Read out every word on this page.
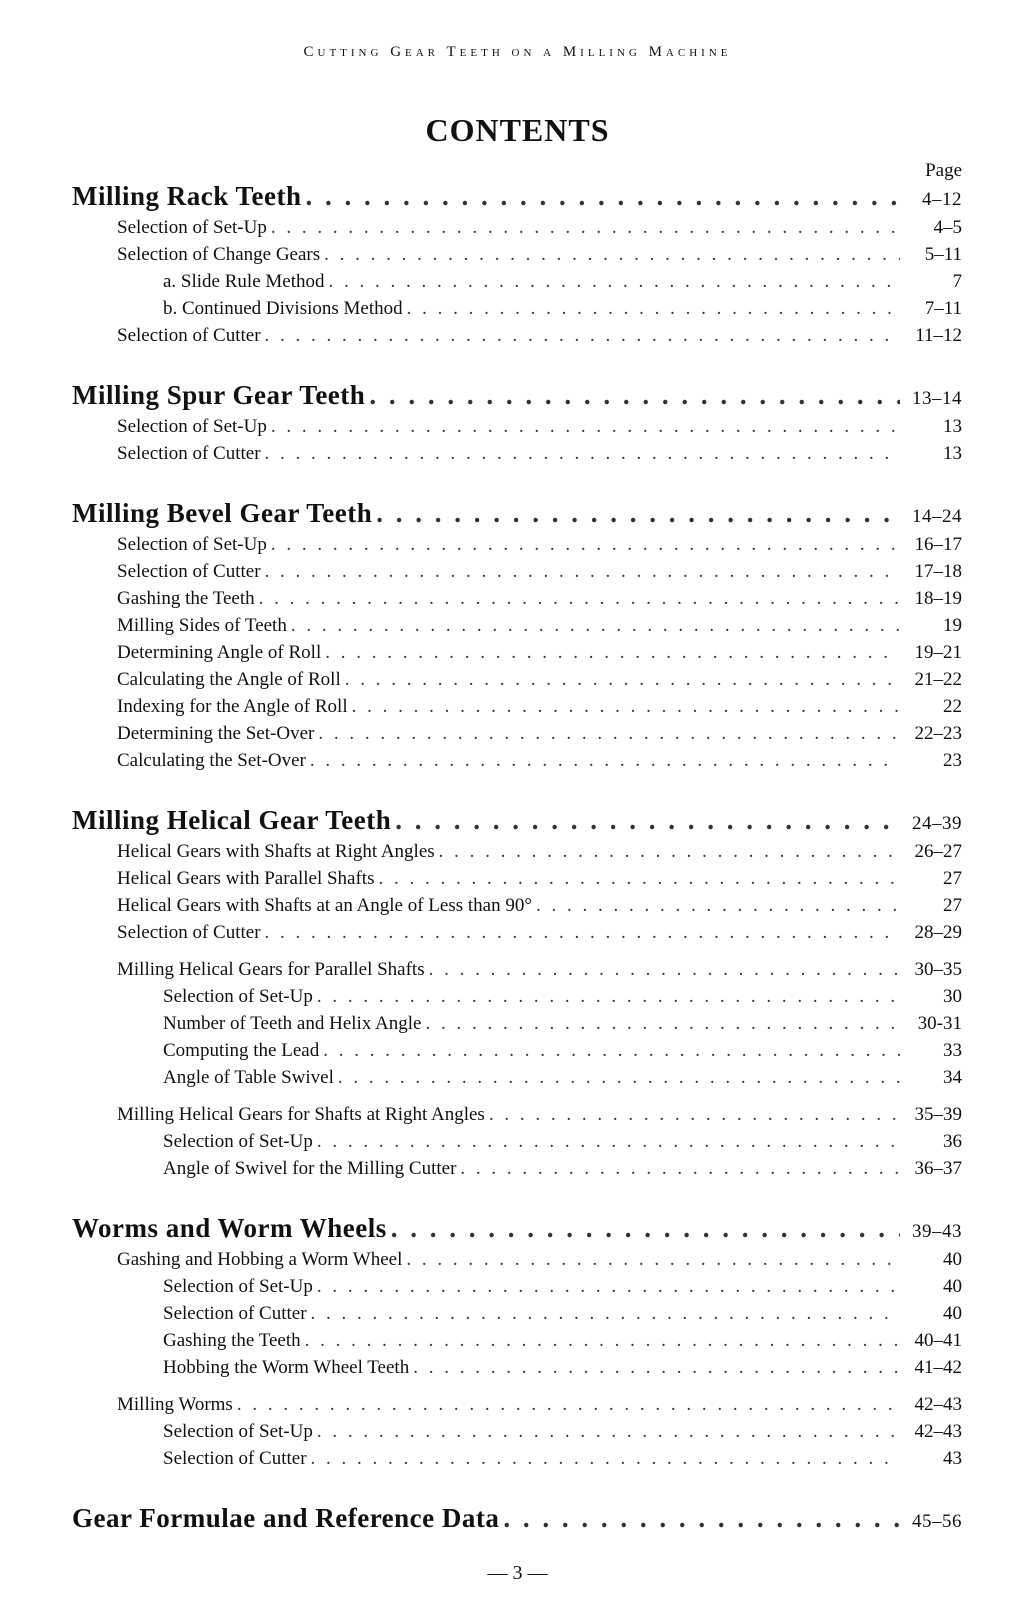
Cutting Gear Teeth on a Milling Machine
CONTENTS
Page
Milling Rack Teeth . . .	4–12
Selection of Set-Up . . .	4–5
Selection of Change Gears . . .	5–11
a. Slide Rule Method . . .	7
b. Continued Divisions Method . . .	7–11
Selection of Cutter . . .	11–12
Milling Spur Gear Teeth . . .	13–14
Selection of Set-Up . . .	13
Selection of Cutter . . .	13
Milling Bevel Gear Teeth . . .	14–24
Selection of Set-Up . . .	16–17
Selection of Cutter . . .	17–18
Gashing the Teeth . . .	18–19
Milling Sides of Teeth . . .	19
Determining Angle of Roll . . .	19–21
Calculating the Angle of Roll . . .	21–22
Indexing for the Angle of Roll . . .	22
Determining the Set-Over . . .	22–23
Calculating the Set-Over . . .	23
Milling Helical Gear Teeth . . .	24–39
Helical Gears with Shafts at Right Angles . . .	26–27
Helical Gears with Parallel Shafts . . .	27
Helical Gears with Shafts at an Angle of Less than 90° . . .	27
Selection of Cutter . . .	28–29
Milling Helical Gears for Parallel Shafts . . .	30–35
Selection of Set-Up . . .	30
Number of Teeth and Helix Angle . . .	30-31
Computing the Lead . . .	33
Angle of Table Swivel . . .	34
Milling Helical Gears for Shafts at Right Angles . . .	35–39
Selection of Set-Up . . .	36
Angle of Swivel for the Milling Cutter . . .	36–37
Worms and Worm Wheels . . .	39–43
Gashing and Hobbing a Worm Wheel . . .	40
Selection of Set-Up . . .	40
Selection of Cutter . . .	40
Gashing the Teeth . . .	40–41
Hobbing the Worm Wheel Teeth . . .	41–42
Milling Worms . . .	42–43
Selection of Set-Up . . .	42–43
Selection of Cutter . . .	43
Gear Formulae and Reference Data . . .	45–56
— 3 —
